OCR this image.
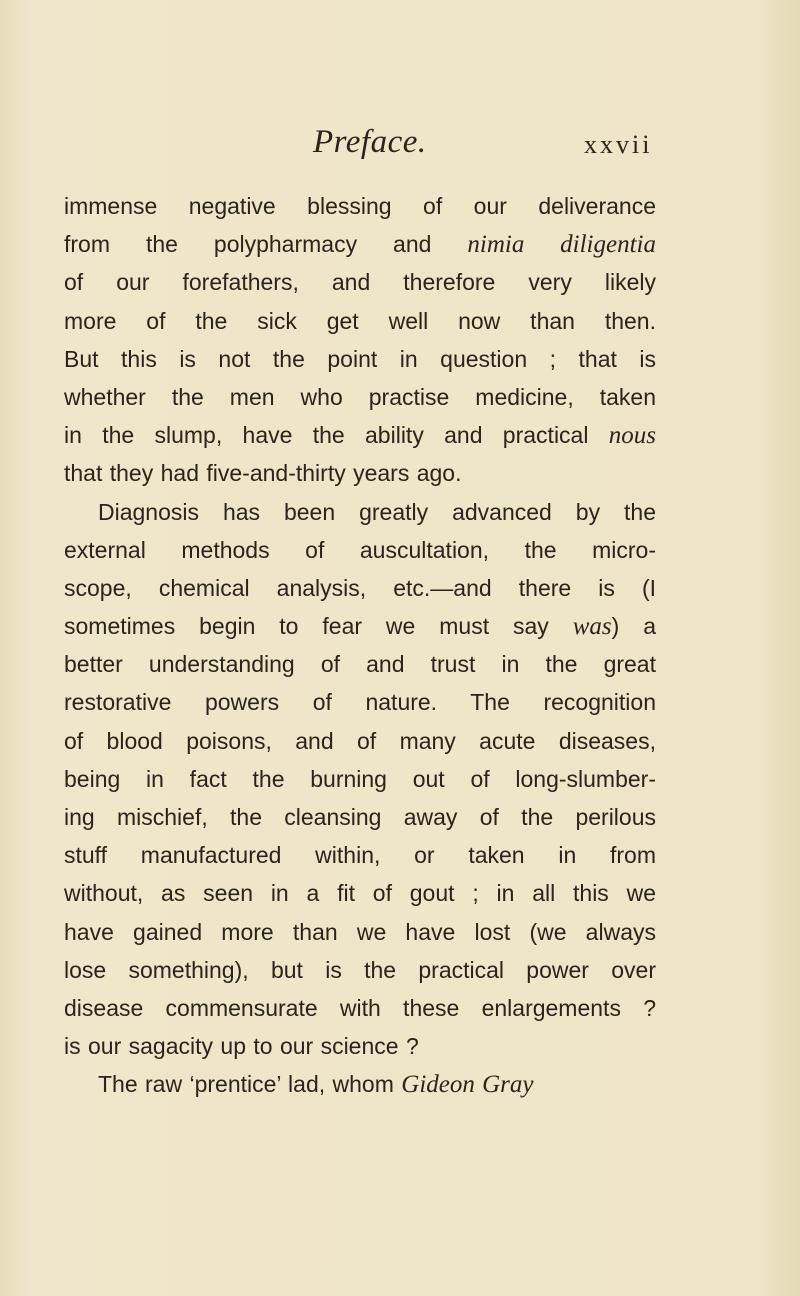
Preface.	xxvii
immense negative blessing of our deliverance
from the polypharmacy and nimia diligentia
of our forefathers, and therefore very likely
more of the sick get well now than then.
But this is not the point in question ; that is
whether the men who practise medicine, taken
in the slump, have the ability and practical nous
that they had five-and-thirty years ago.
Diagnosis has been greatly advanced by the
external methods of auscultation, the micro-
scope, chemical analysis, etc.—and there is (I
sometimes begin to fear we must say was) a
better understanding of and trust in the great
restorative powers of nature. The recognition
of blood poisons, and of many acute diseases,
being in fact the burning out of long-slumber-
ing mischief, the cleansing away of the perilous
stuff manufactured within, or taken in from
without, as seen in a fit of gout ; in all this we
have gained more than we have lost (we always
lose something), but is the practical power over
disease commensurate with these enlargements ?
is our sagacity up to our science ?
The raw ‘prentice’ lad, whom Gideon Gray
